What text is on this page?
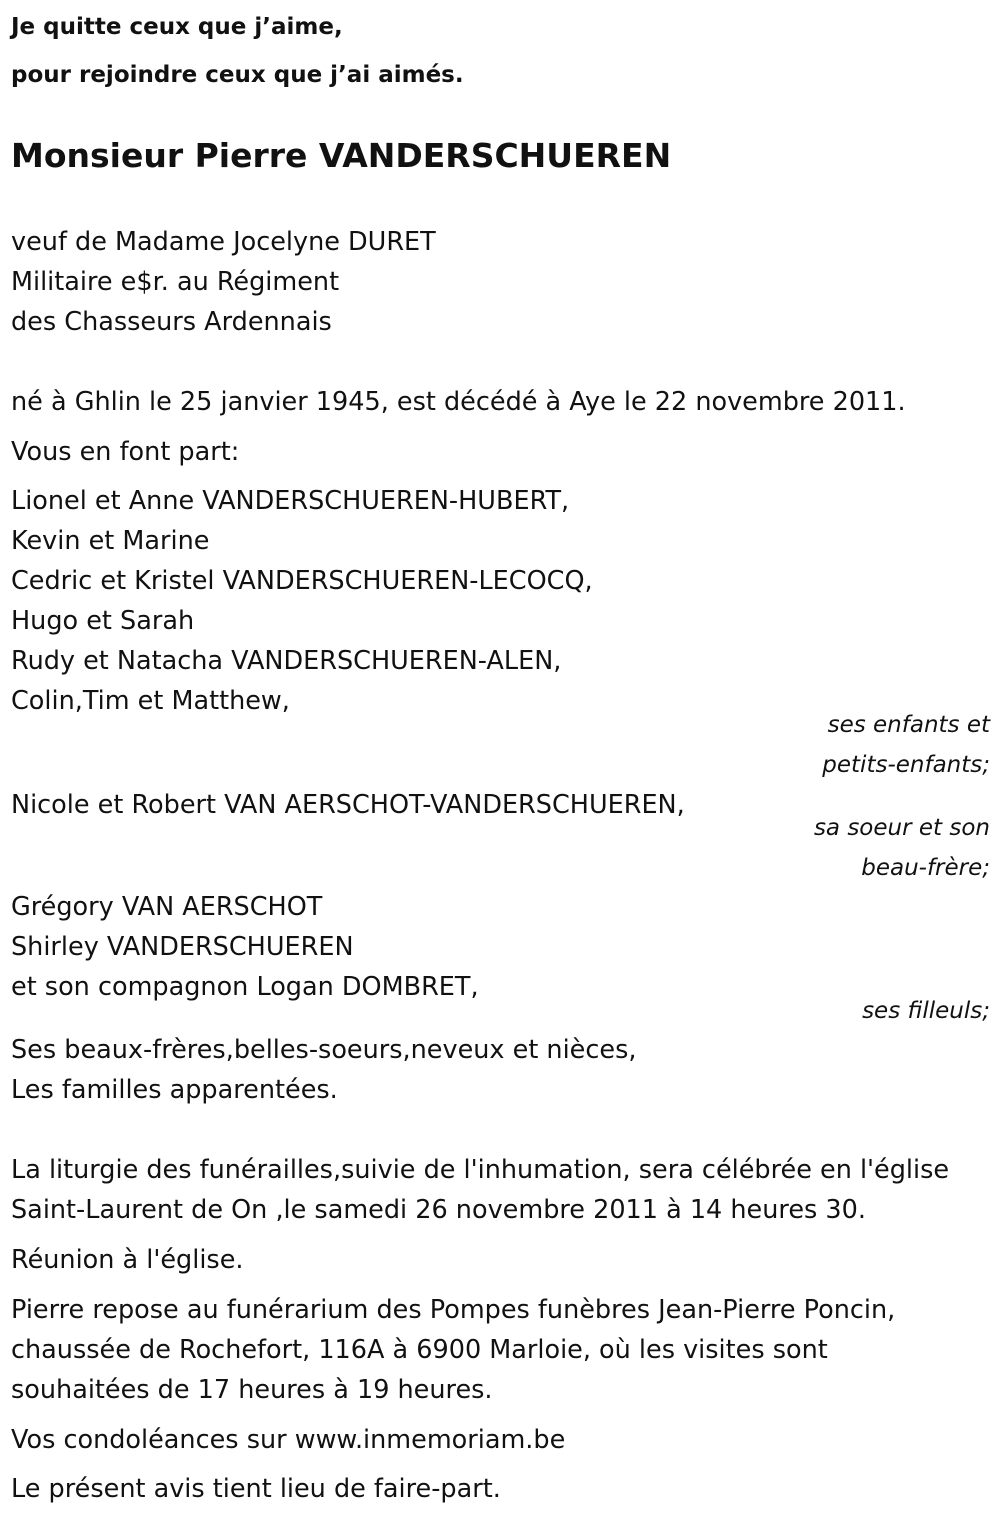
Je quitte ceux que j’aime,
pour rejoindre ceux que j’ai aimés.
Monsieur Pierre VANDERSCHUEREN
veuf de Madame Jocelyne DURET
Militaire e$r. au Régiment
des Chasseurs Ardennais
né à Ghlin le 25 janvier 1945, est décédé à Aye le 22 novembre 2011.
Vous en font part:
Lionel et Anne VANDERSCHUEREN-HUBERT,
Kevin et Marine
Cedric et Kristel VANDERSCHUEREN-LECOCQ,
Hugo et Sarah
Rudy et Natacha VANDERSCHUEREN-ALEN,
Colin,Tim et Matthew,
ses enfants et
petits-enfants;
Nicole et Robert VAN AERSCHOT-VANDERSCHUEREN,
sa soeur et son
beau-frère;
Grégory VAN AERSCHOT
Shirley VANDERSCHUEREN
et son compagnon Logan DOMBRET,
ses filleuls;
Ses beaux-frères,belles-soeurs,neveux et nièces,
Les familles apparentées.
La liturgie des funérailles,suivie de l'inhumation, sera célébrée en l'église
Saint-Laurent de On ,le samedi 26 novembre 2011 à 14 heures 30.
Réunion à l'église.
Pierre repose au funérarium des Pompes funèbres Jean-Pierre Poncin,
chaussée de Rochefort, 116A à 6900 Marloie, où les visites sont
souhaitées de 17 heures à 19 heures.
Vos condoléances sur www.inmemoriam.be
Le présent avis tient lieu de faire-part.
